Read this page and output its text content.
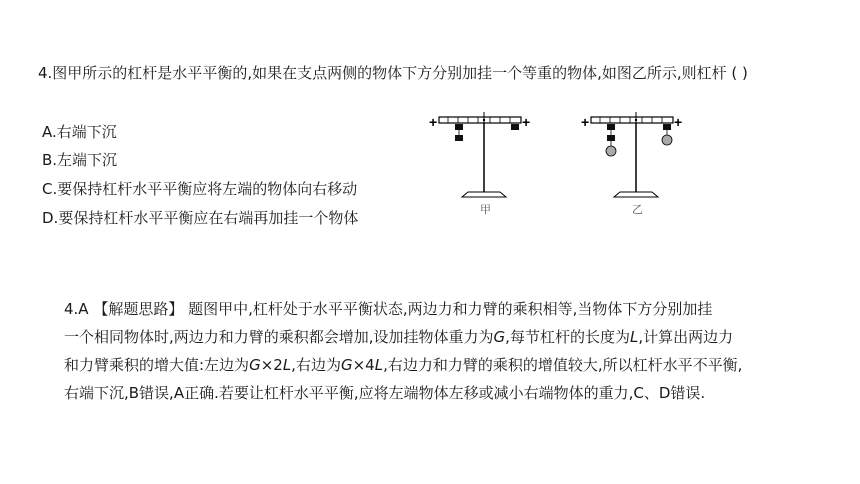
4.图甲所示的杠杆是水平平衡的,如果在支点两侧的物体下方分别加挂一个等重的物体,如图乙所示,则杠杆 ( )
A.右端下沉
B.左端下沉
C.要保持杠杆水平平衡应将左端的物体向右移动
D.要保持杠杆水平平衡应在右端再加挂一个物体
+	+
甲
+	+
乙
4.A 【解题思路】 题图甲中,杠杆处于水平平衡状态,两边力和力臂的乘积相等,当物体下方分别加挂
一个相同物体时,两边力和力臂的乘积都会增加,设加挂物体重力为G,每节杠杆的长度为L,计算出两边力
和力臂乘积的增大值:左边为G×2L,右边为G×4L,右边力和力臂的乘积的增值较大,所以杠杆水平不平衡,
右端下沉,B错误,A正确.若要让杠杆水平平衡,应将左端物体左移或减小右端物体的重力,C、D错误.
